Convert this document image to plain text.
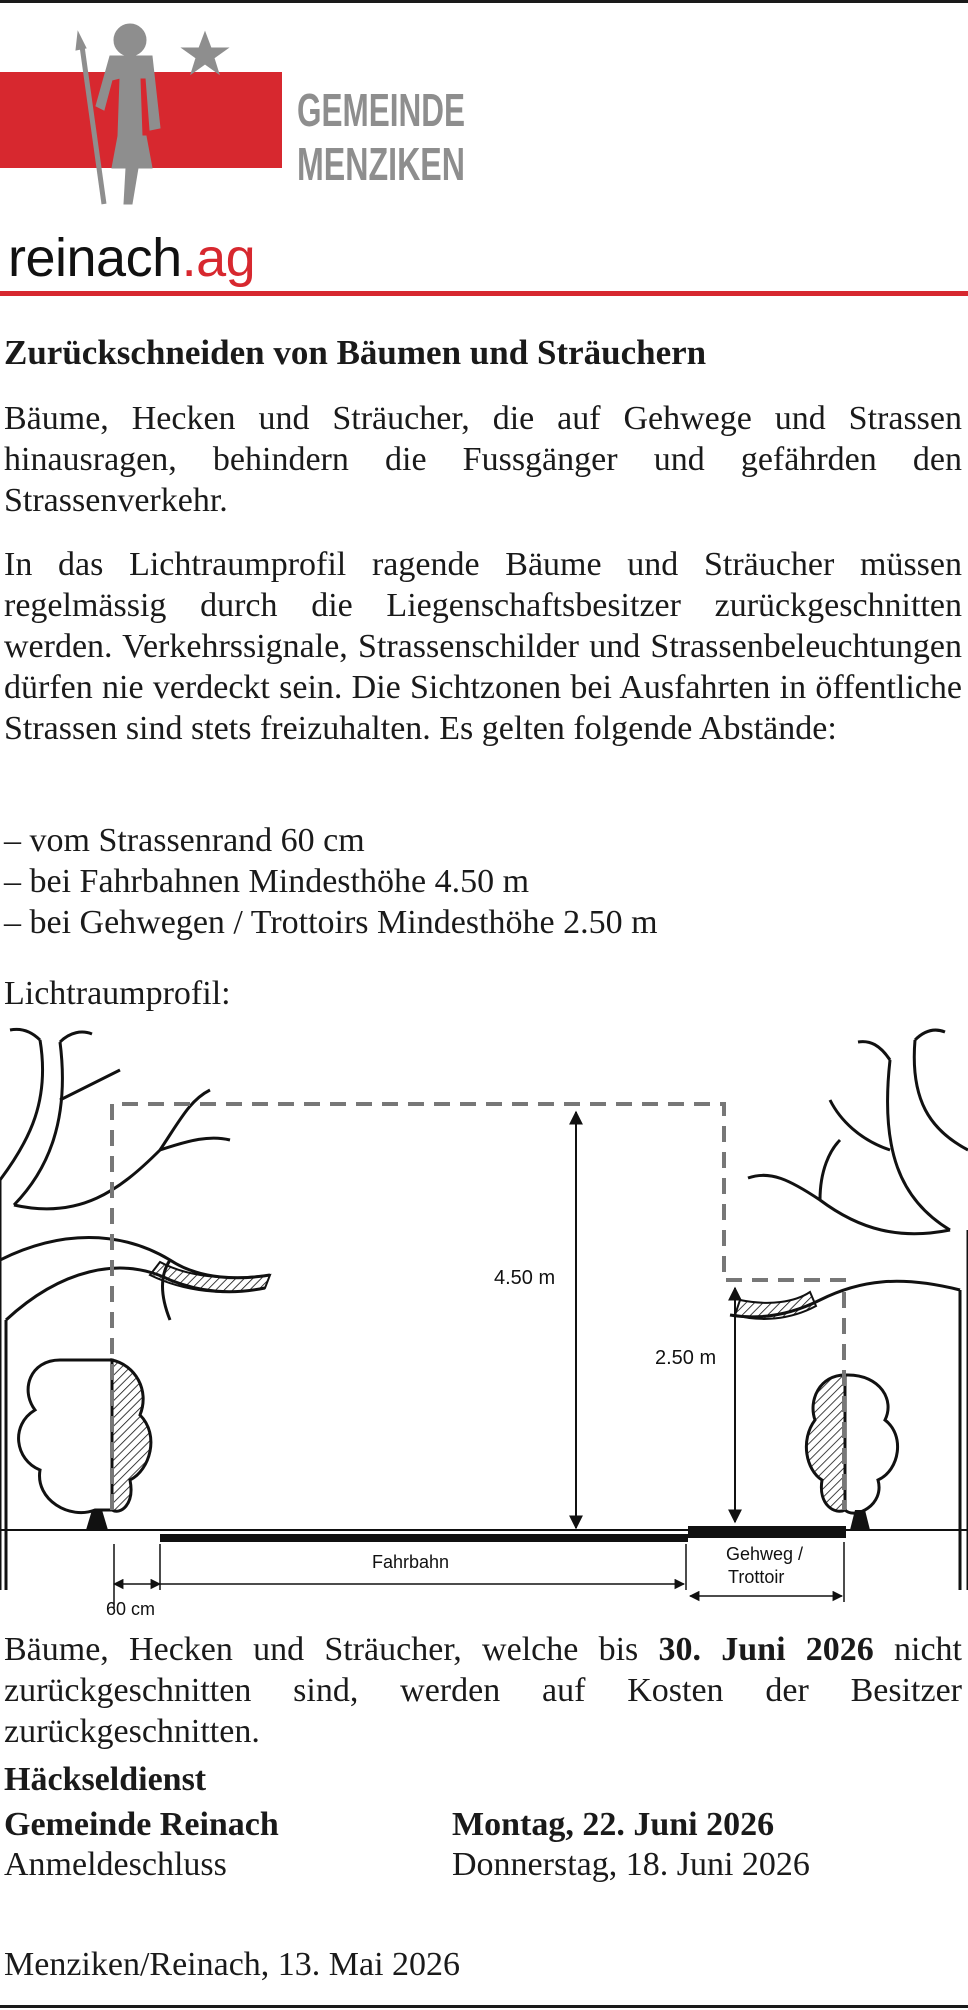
GEMEINDE
MENZIKEN
reinach.ag
Zurückschneiden von Bäumen und Sträuchern
Bäume, Hecken und Sträucher, die auf Gehwege und Strassen hinausragen, behindern die Fussgänger und gefährden den Strassenverkehr.
In das Lichtraumprofil ragende Bäume und Sträucher müssen regelmässig durch die Liegenschaftsbesitzer zurückgeschnitten werden. Verkehrssignale, Strassenschilder und Strassenbeleuchtungen dürfen nie verdeckt sein. Die Sichtzonen bei Ausfahrten in öffentliche Strassen sind stets freizuhalten. Es gelten folgende Abstände:
– vom Strassenrand 60 cm
– bei Fahrbahnen Mindesthöhe 4.50 m
– bei Gehwegen / Trottoirs Mindesthöhe 2.50 m
Lichtraumprofil:
4.50 m
2.50 m
60 cm
Fahrbahn	Gehweg /
Trottoir
Bäume, Hecken und Sträucher, welche bis 30. Juni 2026 nicht zurückgeschnitten sind, werden auf Kosten der Besitzer zurückgeschnitten.
Häckseldienst
Gemeinde Reinach	Montag, 22. Juni 2026
Anmeldeschluss	Donnerstag, 18. Juni 2026
Menziken/Reinach, 13. Mai 2026
